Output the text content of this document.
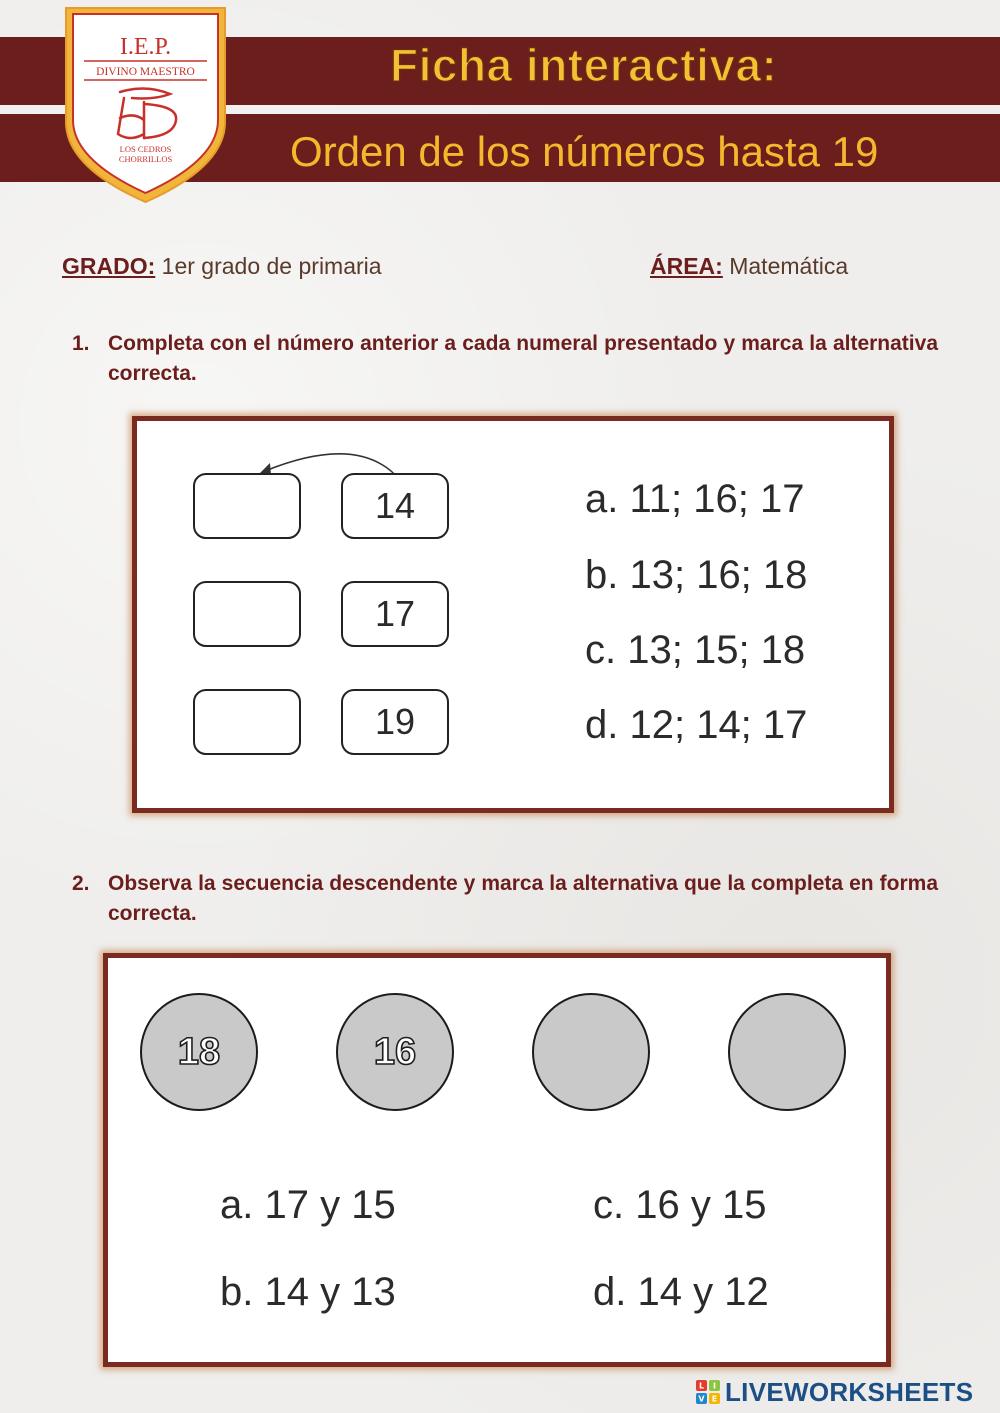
Ficha interactiva:
Orden de los números hasta 19
I.E.P.
DIVINO MAESTRO
LOS CEDROS
CHORRILLOS
GRADO: 1er grado de primaria	ÁREA: Matemática
1. Completa con el número anterior a cada numeral presentado y marca la alternativa correcta.
14
17
19
a. 11; 16; 17
b. 13; 16; 18
c. 13; 15; 18
d. 12; 14; 17
2. Observa la secuencia descendente y marca la alternativa que la completa en forma correcta.
18	16
a. 17 y 15
b. 14 y 13
c. 16 y 15
d. 14 y 12
L I
V E LIVEWORKSHEETS
